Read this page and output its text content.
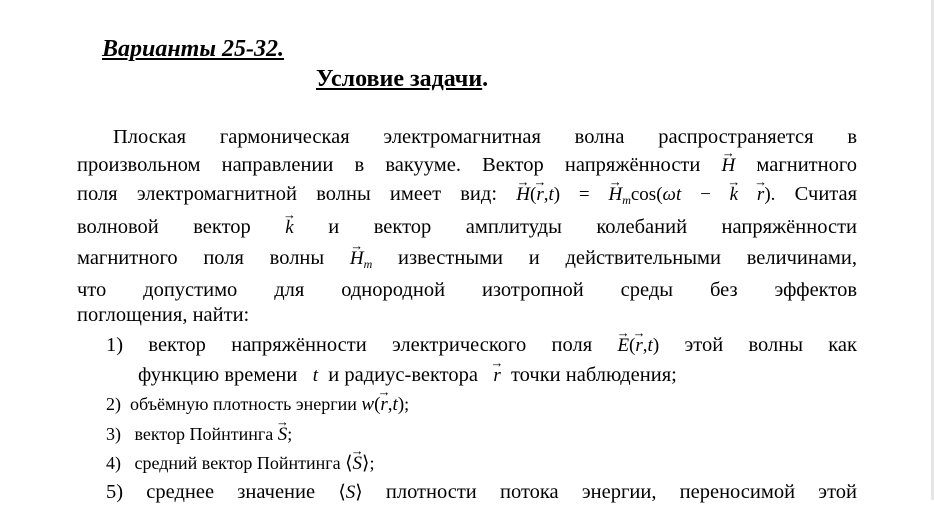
Варианты 25-32.
Условие задачи.
Плоская гармоническая электромагнитная волна распространяется в
произвольном направлении в вакууме. Вектор напряжённости → H магнитного
поля электромагнитной волны имеет вид: → H(→ r,t) = → $H_m\cos(\omega t$ − → k → r). Считая
волновой вектор → k и вектор амплитуды колебаний напряжённости
магнитного поля волны → $H_m$ известными и действительными величинами,
что допустимо для однородной изотропной среды без эффектов
поглощения, найти:
1) вектор напряжённости электрического поля → E(→ r,t) этой волны как
функцию времени t и радиус-вектора → r точки наблюдения;
2) объёмную плотность энергии w(→ r,t);
3) вектор Пойнтинга → S;
4) средний вектор Пойнтинга ⟨→ S⟩;
5) среднее значение ⟨S⟩ плотности потока энергии, переносимой этой
